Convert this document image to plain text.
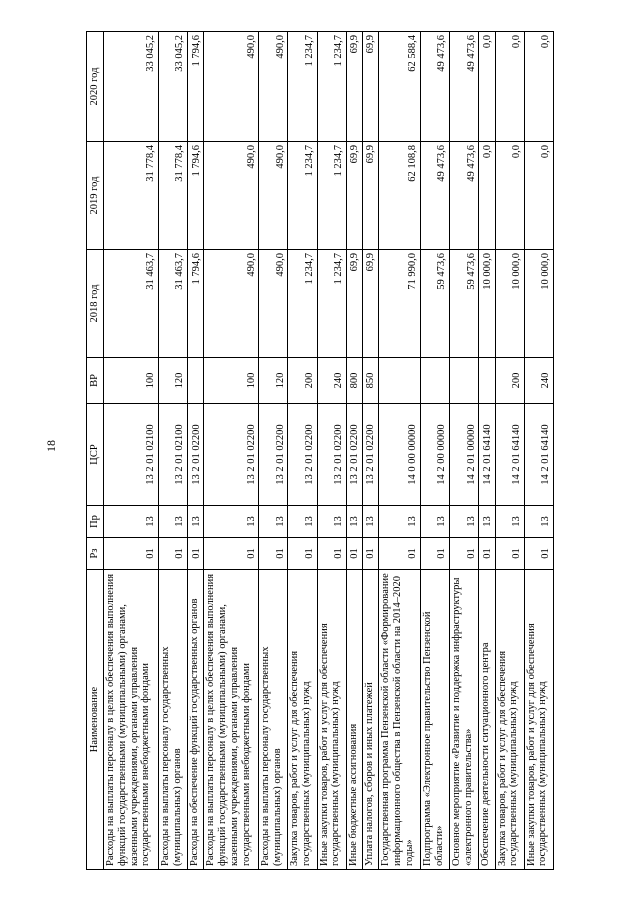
18
Наименование	Рз	Пр	ЦСР	ВР	2018 год	2019 год	2020 год
Расходы на выплаты персоналу в целях обеспечения выполнения функций государственными (муниципальными) органами, казенными учреждениями, органами управления государственными внебюджетными фондами	01	13	13 2 01 02100	100	31 463,7	31 778,4	33 045,2
Расходы на выплаты персоналу государственных (муниципальных) органов	01	13	13 2 01 02100	120	31 463,7	31 778,4	33 045,2
Расходы на обеспечение функций государственных органов	01	13	13 2 01 02200		1 794,6	1 794,6	1 794,6
Расходы на выплаты персоналу в целях обеспечения выполнения функций государственными (муниципальными) органами, казенными учреждениями, органами управления государственными внебюджетными фондами	01	13	13 2 01 02200	100	490,0	490,0	490,0
Расходы на выплаты персоналу государственных (муниципальных) органов	01	13	13 2 01 02200	120	490,0	490,0	490,0
Закупка товаров, работ и услуг для обеспечения государственных (муниципальных) нужд	01	13	13 2 01 02200	200	1 234,7	1 234,7	1 234,7
Иные закупки товаров, работ и услуг для обеспечения государственных (муниципальных) нужд	01	13	13 2 01 02200	240	1 234,7	1 234,7	1 234,7
Иные бюджетные ассигнования	01	13	13 2 01 02200	800	69,9	69,9	69,9
Уплата налогов, сборов и иных платежей	01	13	13 2 01 02200	850	69,9	69,9	69,9
Государственная программа Пензенской области «Формирование информационного общества в Пензенской области на 2014–2020 годы»	01	13	14 0 00 00000		71 990,0	62 108,8	62 588,4
Подпрограмма «Электронное правительство Пензенской области»	01	13	14 2 00 00000		59 473,6	49 473,6	49 473,6
Основное мероприятие «Развитие и поддержка инфраструктуры «электронного правительства»	01	13	14 2 01 00000		59 473,6	49 473,6	49 473,6
Обеспечение деятельности ситуационного центра	01	13	14 2 01 64140		10 000,0	0,0	0,0
Закупка товаров, работ и услуг для обеспечения государственных (муниципальных) нужд	01	13	14 2 01 64140	200	10 000,0	0,0	0,0
Иные закупки товаров, работ и услуг для обеспечения государственных (муниципальных) нужд	01	13	14 2 01 64140	240	10 000,0	0,0	0,0
